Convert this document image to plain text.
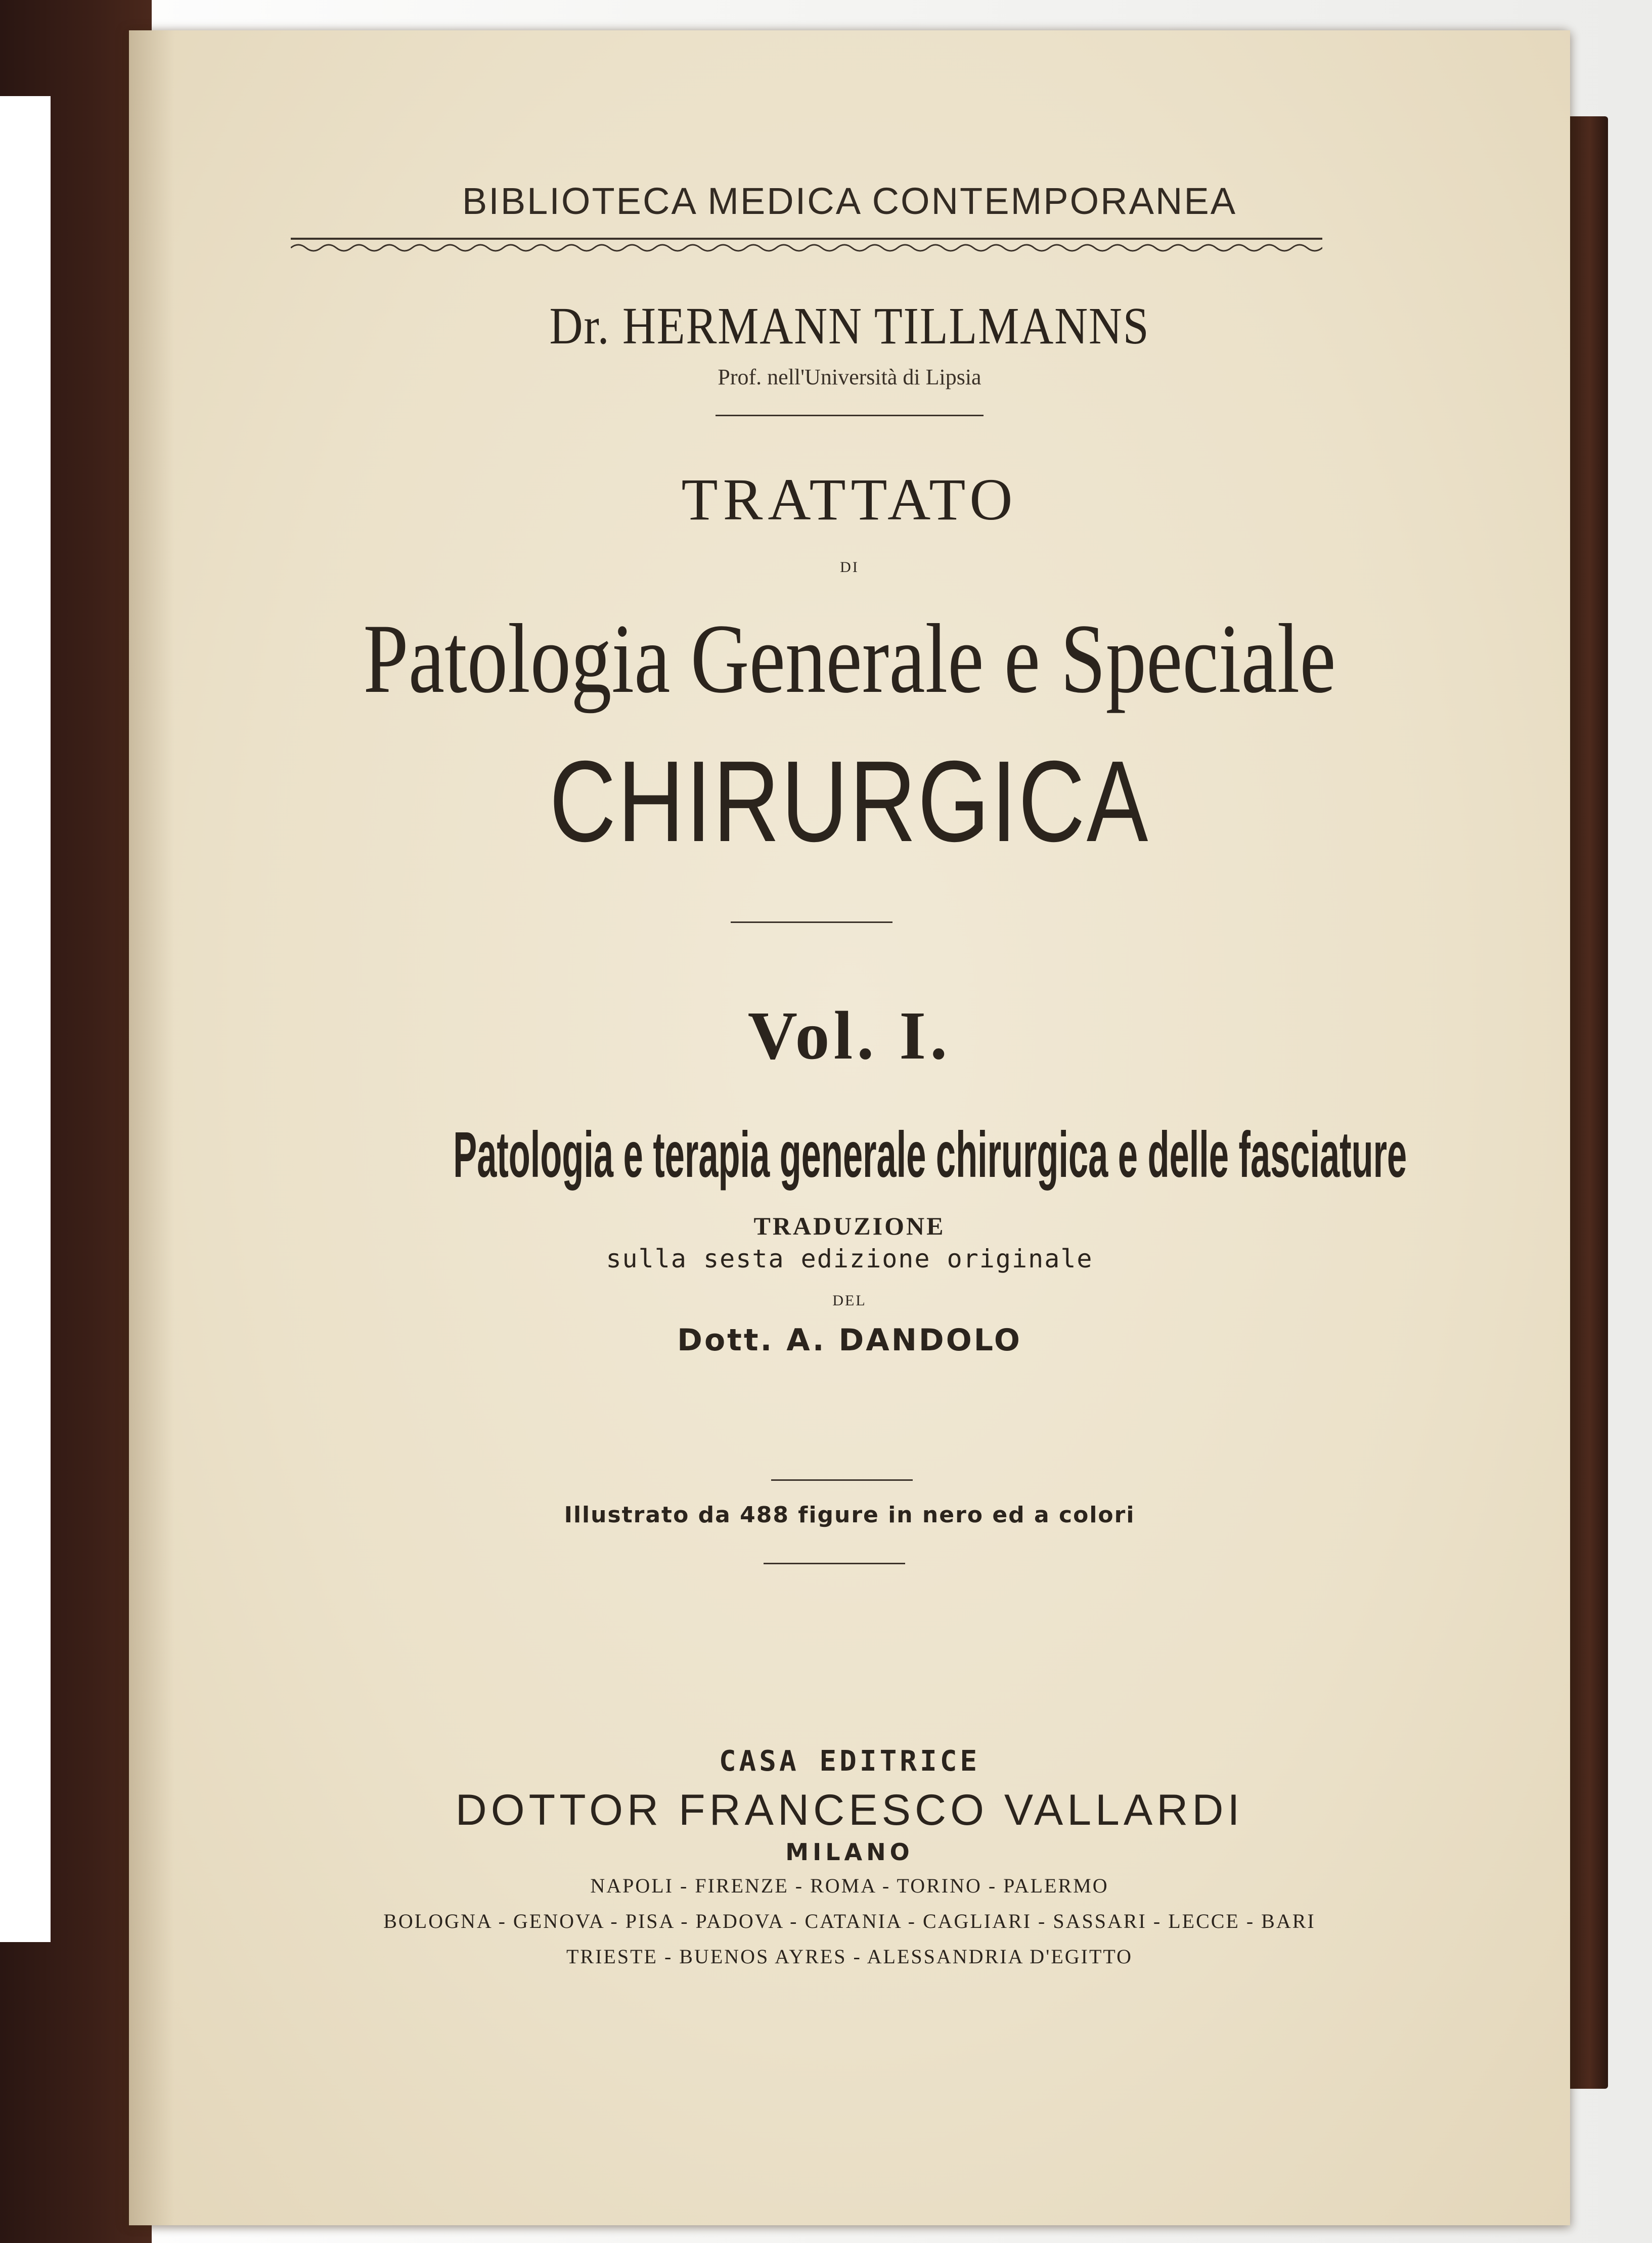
BIBLIOTECA MEDICA CONTEMPORANEA
Dr. HERMANN TILLMANNS
Prof. nell'Università di Lipsia
TRATTATO
DI
Patologia Generale e Speciale
CHIRURGICA
Vol. I.
Patologia e terapia generale chirurgica e delle fasciature
TRADUZIONE
sulla sesta edizione originale
DEL
Dott. A. DANDOLO
Illustrato da 488 figure in nero ed a colori
CASA EDITRICE
DOTTOR FRANCESCO VALLARDI
MILANO
NAPOLI - FIRENZE - ROMA - TORINO - PALERMO
BOLOGNA - GENOVA - PISA - PADOVA - CATANIA - CAGLIARI - SASSARI - LECCE - BARI
TRIESTE - BUENOS AYRES - ALESSANDRIA D'EGITTO
